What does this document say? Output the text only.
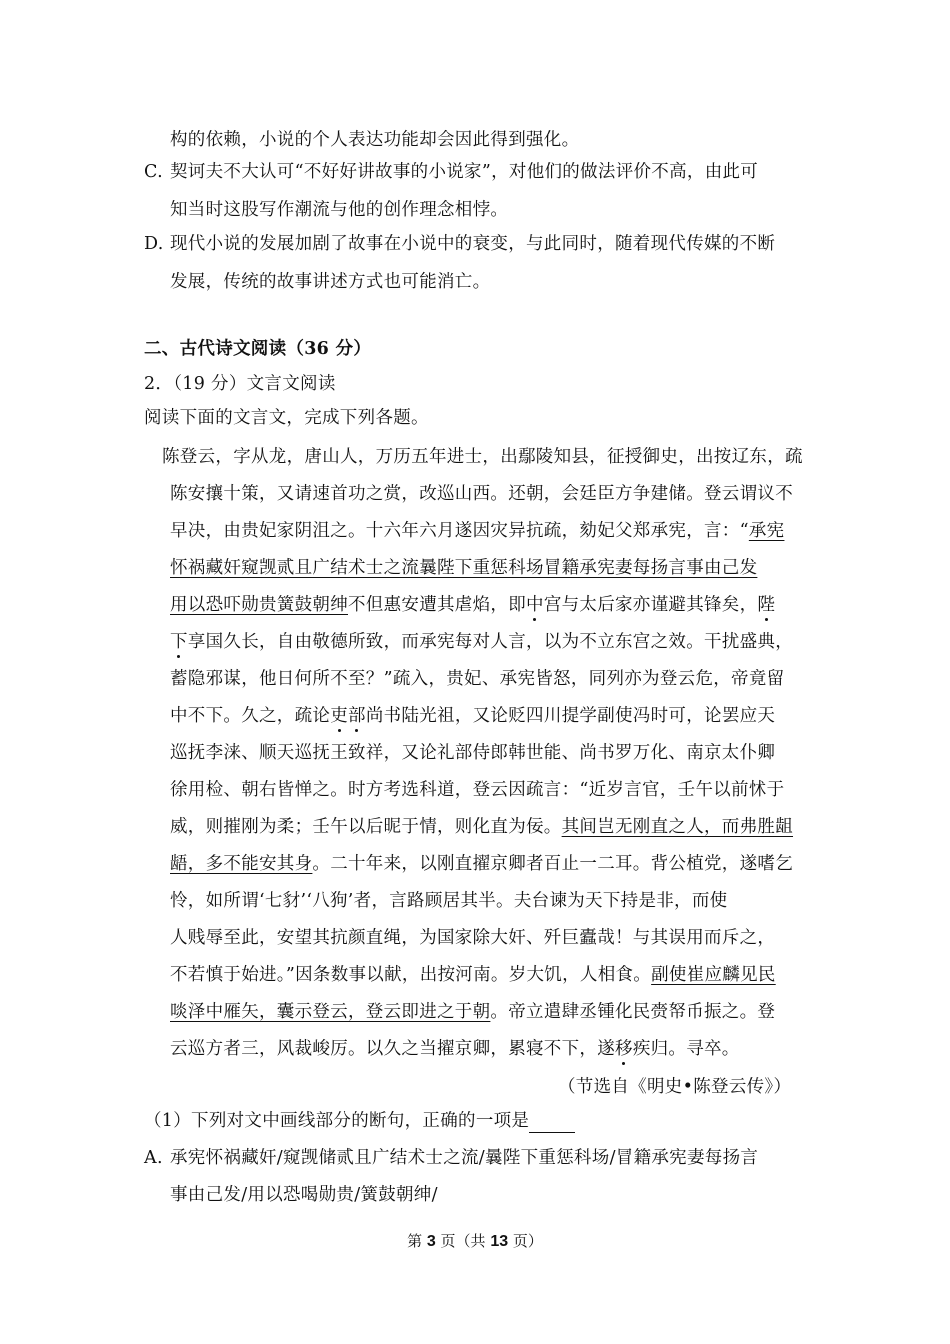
构的依赖，小说的个人表达功能却会因此得到强化。
C. 契诃夫不大认可“不好好讲故事的小说家”，对他们的做法评价不高，由此可
知当时这股写作潮流与他的创作理念相悖。
D. 现代小说的发展加剧了故事在小说中的衰变，与此同时，随着现代传媒的不断
发展，传统的故事讲述方式也可能消亡。
二、古代诗文阅读（36 分）
2．（19 分）文言文阅读
阅读下面的文言文，完成下列各题。
陈登云，字从龙，唐山人，万历五年进士，出鄢陵知县，征授御史，出按辽东，疏
陈安攘十策，又请速首功之赏，改巡山西。还朝，会廷臣方争建储。登云谓议不
早决，由贵妃家阴沮之。十六年六月遂因灾异抗疏，劾妃父郑承宪，言：“承宪
怀祸藏奸窥觊贰且广结术士之流曩陛下重惩科场冒籍承宪妻每扬言事由己发
用以恐吓勋贵簧鼓朝绅不但惠安遭其虐焰，即中宫与太后家亦谨避其锋矣，陛
下享国久长，自由敬德所致，而承宪每对人言，以为不立东宫之效。干扰盛典，
蓄隐邪谋，他日何所不至？”疏入，贵妃、承宪皆怒，同列亦为登云危，帝竟留
中不下。久之，疏论吏部尚书陆光祖，又论贬四川提学副使冯时可，论罢应天
巡抚李涞、顺天巡抚王致祥，又论礼部侍郎韩世能、尚书罗万化、南京太仆卿
徐用检、朝右皆惮之。时方考选科道，登云因疏言：“近岁言官，壬午以前怵于
威，则摧刚为柔；壬午以后昵于情，则化直为佞。其间岂无刚直之人，而弗胜龃
龉，多不能安其身。二十年来，以刚直擢京卿者百止一二耳。背公植党，遂嗜乞
怜，如所谓‘七豺’‘八狗’者，言路顾居其半。夫台谏为天下持是非，而使
人贱辱至此，安望其抗颜直绳，为国家除大奸、歼巨蠹哉！与其误用而斥之，
不若慎于始进。”因条数事以献，出按河南。岁大饥，人相食。副使崔应麟见民
啖泽中雁矢，囊示登云，登云即进之于朝。帝立遣肆丞锺化民赍帑币振之。登
云巡方者三，风裁峻厉。以久之当擢京卿，累寝不下，遂移疾归。寻卒。
（节选自《明史•陈登云传》）
（1）下列对文中画线部分的断句，正确的一项是
A. 承宪怀祸藏奸/窥觊储贰且广结术士之流/曩陛下重惩科场/冒籍承宪妻每扬言
事由己发/用以恐喝勋贵/簧鼓朝绅/
第 3 页（共 13 页）
